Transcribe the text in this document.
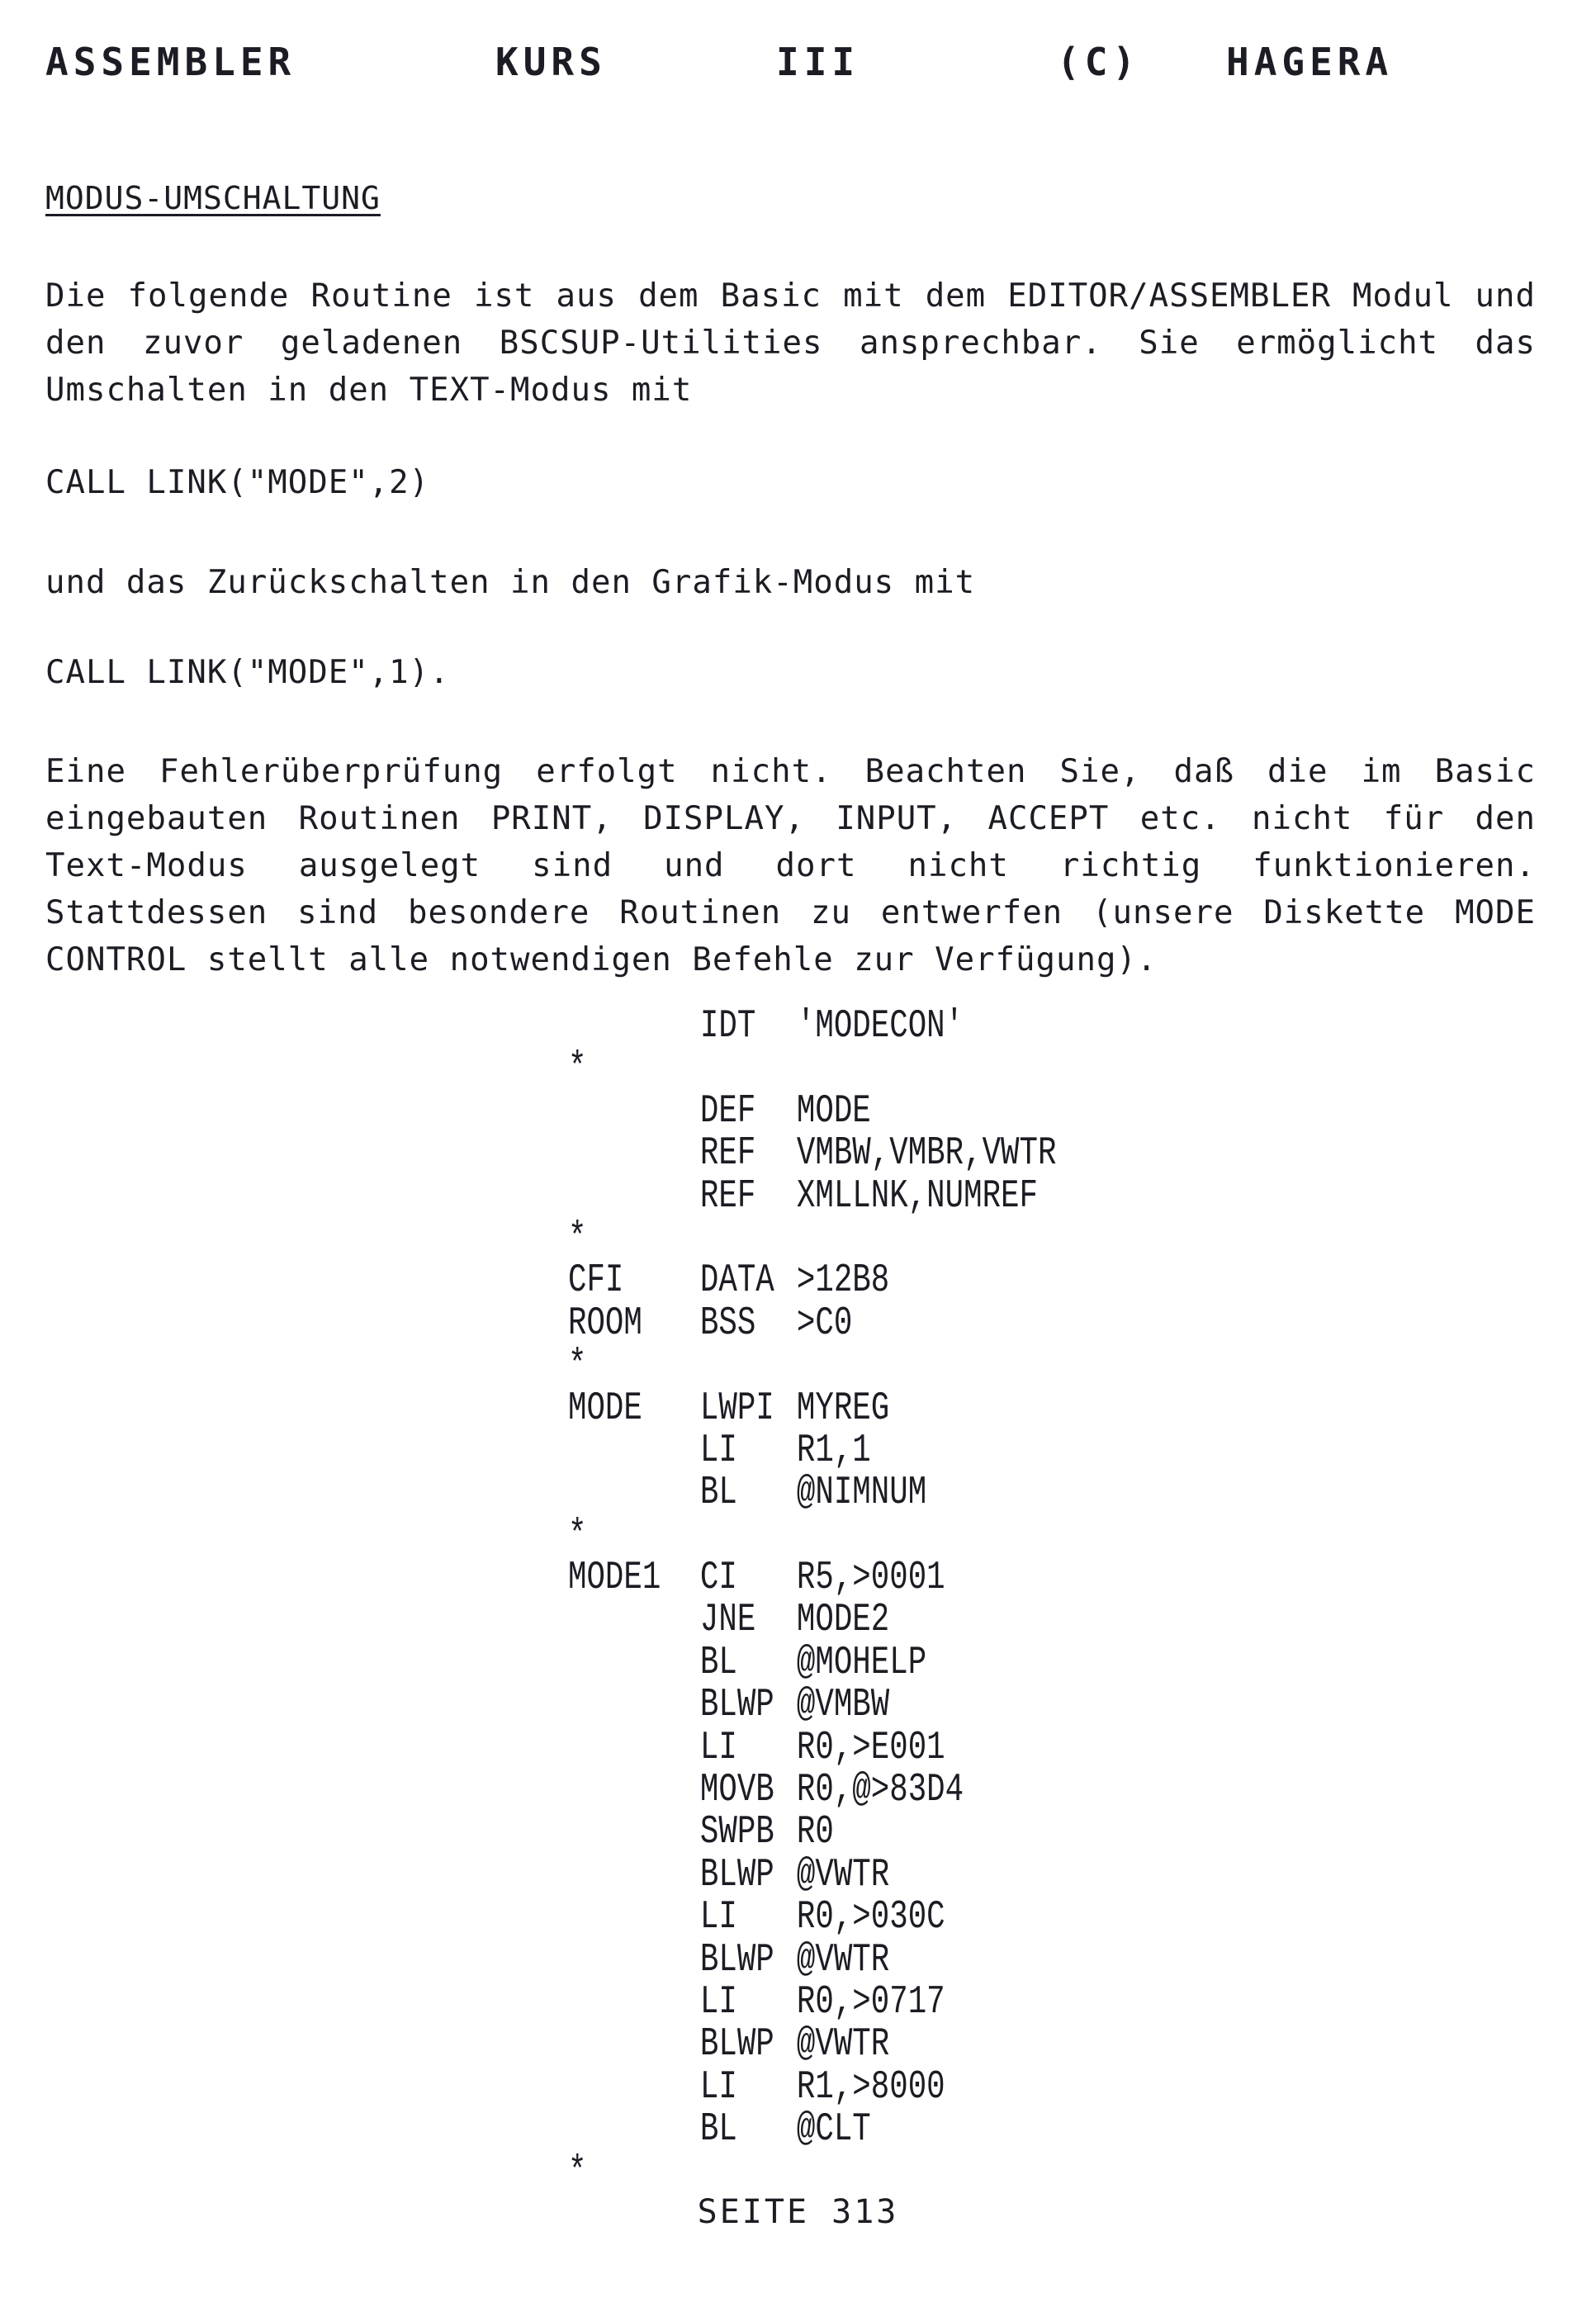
ASSEMBLER

	KURS

	III

	(C)

HAGERA

MODUS-UMSCHALTUNG

Die folgende Routine ist aus dem Basic mit dem EDITOR/ASSEMBLER Modul und den zuvor geladenen BSCSUP-Utilities ansprechbar. Sie ermöglicht das Umschalten in den TEXT-Modus mit

CALL LINK("MODE",2)

und das Zurückschalten in den Grafik-Modus mit

CALL LINK("MODE",1).

Eine Fehlerüberprüfung erfolgt nicht. Beachten Sie, daß die im Basic eingebauten Routinen PRINT, DISPLAY, INPUT, ACCEPT etc. nicht für den Text-Modus ausgelegt sind und dort nicht richtig funktionieren. Stattdessen sind besondere Routinen zu entwerfen (unsere Diskette MODE CONTROL stellt alle notwendigen Befehle zur Verfügung).

IDT 'MODECON'
*
DEF MODE
REF VMBW,VMBR,VWTR
REF XMLLNK,NUMREF
*
CFI DATA >12B8
ROOM BSS >C0
*
MODE LWPI MYREG
LI R1,1
BL @NIMNUM
*
MODE1 CI R5,>0001
JNE MODE2
BL @MOHELP
BLWP @VMBW
LI R0,>E001
MOVB R0,@>83D4
SWPB R0
BLWP @VWTR
LI R0,>030C
BLWP @VWTR
LI R0,>0717
BLWP @VWTR
LI R1,>8000
BL @CLT
*
SEITE 313
